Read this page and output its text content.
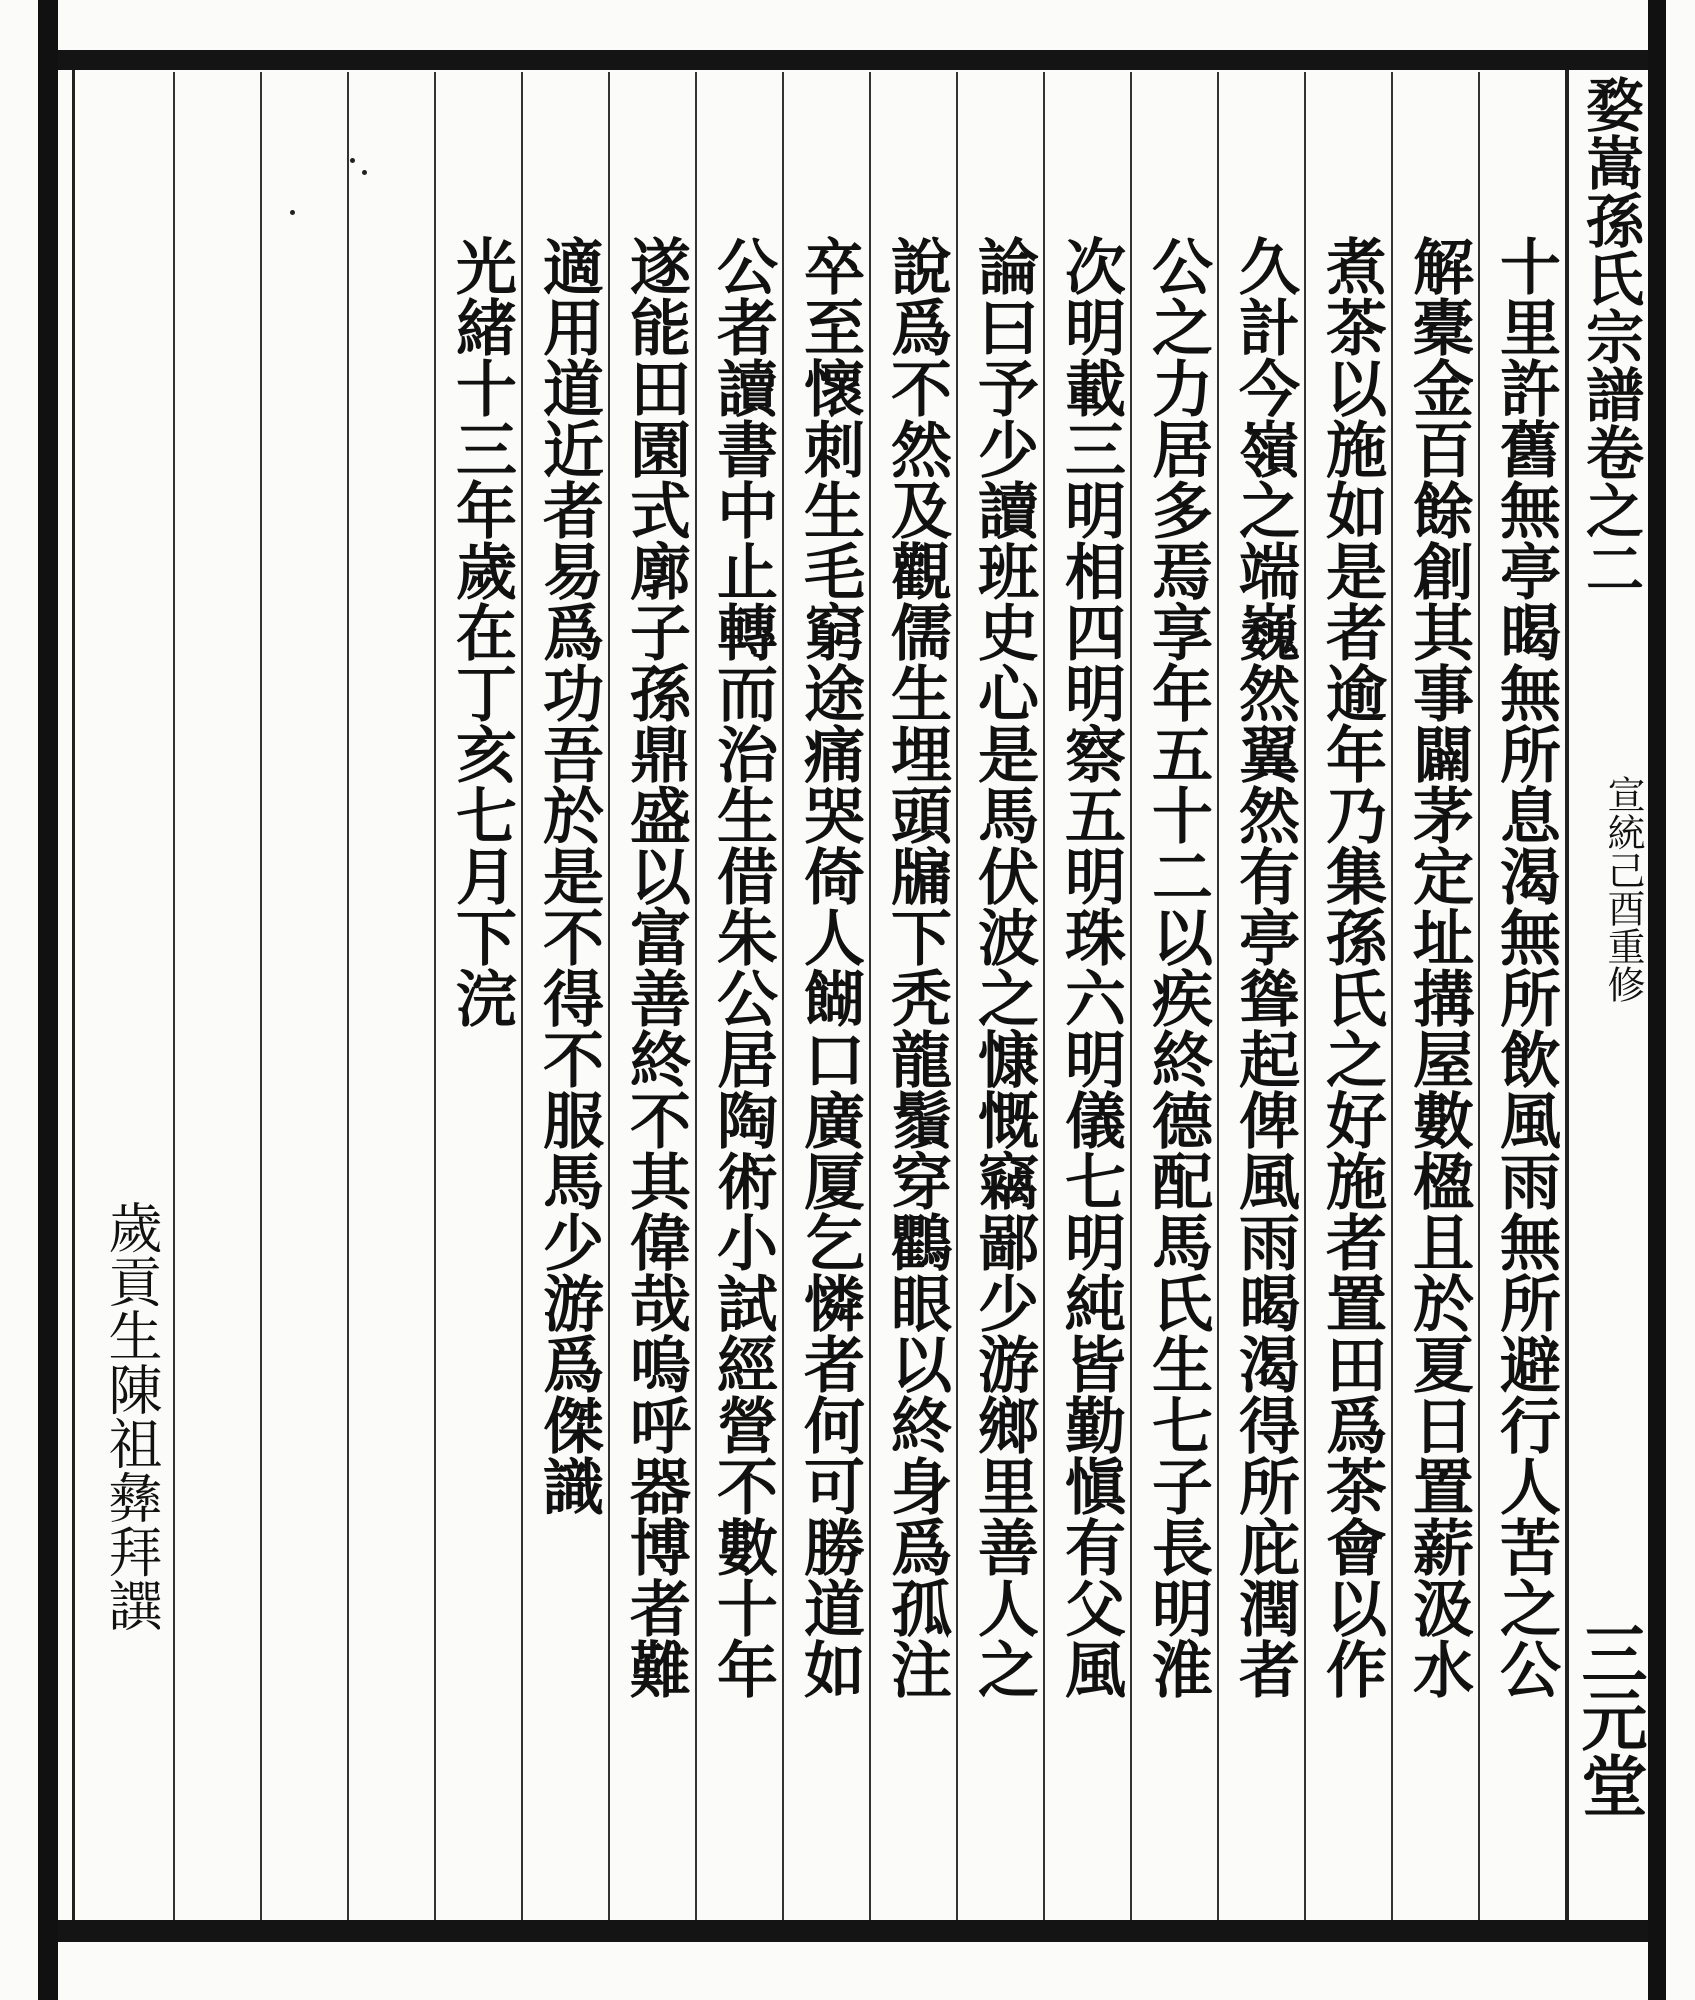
婺嵩孫氏宗譜卷之二
宣統己酉重修
三元堂
十里許舊無亭暍無所息渴無所飲風雨無所避行人苦之公
解橐金百餘創其事闢茅定址搆屋數楹且於夏日置薪汲水
煮茶以施如是者逾年乃集孫氏之好施者置田爲茶會以作
久計今嶺之端巍然翼然有亭聳起俾風雨暍渴得所庇潤者
公之力居多焉享年五十二以疾終德配馬氏生七子長明淮
次明載三明相四明察五明珠六明儀七明純皆勤愼有父風
論曰予少讀班史心是馬伏波之慷慨竊鄙少游鄉里善人之
說爲不然及觀儒生埋頭牖下秃龍鬚穿鸜眼以終身爲孤注
卒至懷刺生毛窮途痛哭倚人餬口廣厦乞憐者何可勝道如
公者讀書中止轉而治生借朱公居陶術小試經營不數十年
遂能田園式廓子孫鼎盛以富善終不其偉哉嗚呼器博者難
適用道近者易爲功吾於是不得不服馬少游爲傑識
光緒十三年歲在丁亥七月下浣
歲貢生陳祖彝拜譔
